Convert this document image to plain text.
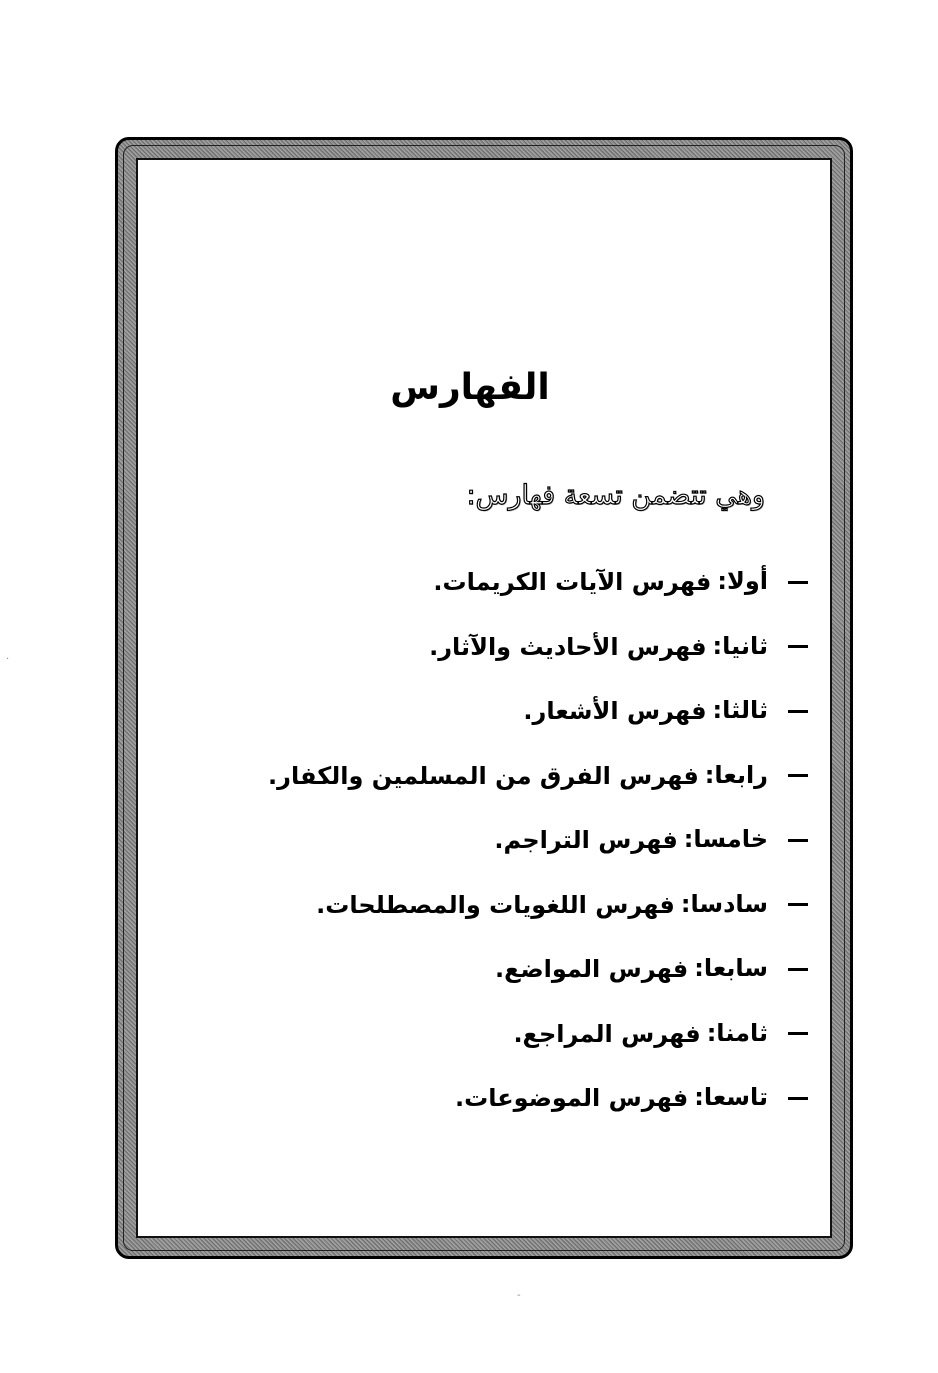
الفهارس
وهي تتضمن تسعة فهارس:
أولا:
فهرس الآيات الكريمات.
ثانيا:
فهرس الأحاديث والآثار.
ثالثا:
فهرس الأشعار.
رابعا:
فهرس الفرق من المسلمين والكفار.
خامسا:
فهرس التراجم.
سادسا:
فهرس اللغويات والمصطلحات.
سابعا:
فهرس المواضع.
ثامنا:
فهرس المراجع.
تاسعا:
فهرس الموضوعات.
·
-
